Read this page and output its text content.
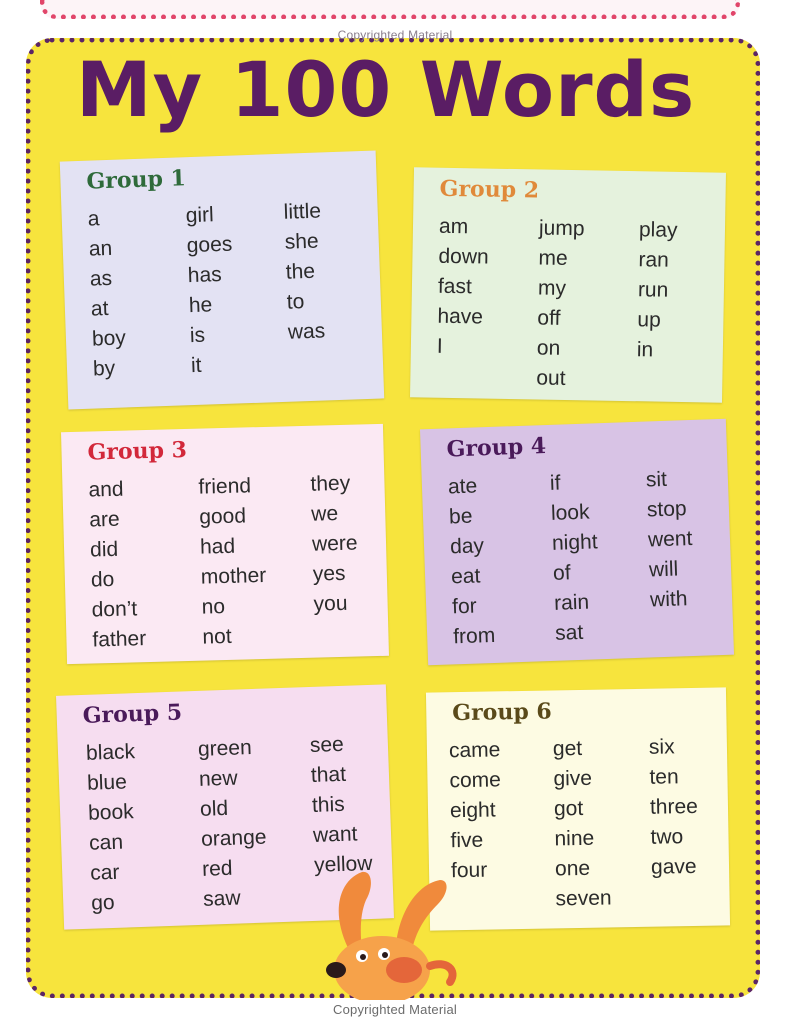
Copyrighted Material
My 100 Words
Group 1
a
an
as
at
boy
by
girl
goes
has
he
is
it
little
she
the
to
was
Group 2
am
down
fast
have
I
jump
me
my
off
on
out
play
ran
run
up
in
Group 3
and
are
did
do
don’t
father
friend
good
had
mother
no
not
they
we
were
yes
you
Group 4
ate
be
day
eat
for
from
if
look
night
of
rain
sat
sit
stop
went
will
with
Group 5
black
blue
book
can
car
go
green
new
old
orange
red
saw
see
that
this
want
yellow
Group 6
came
come
eight
five
four
get
give
got
nine
one
seven
six
ten
three
two
gave
Copyrighted Material
